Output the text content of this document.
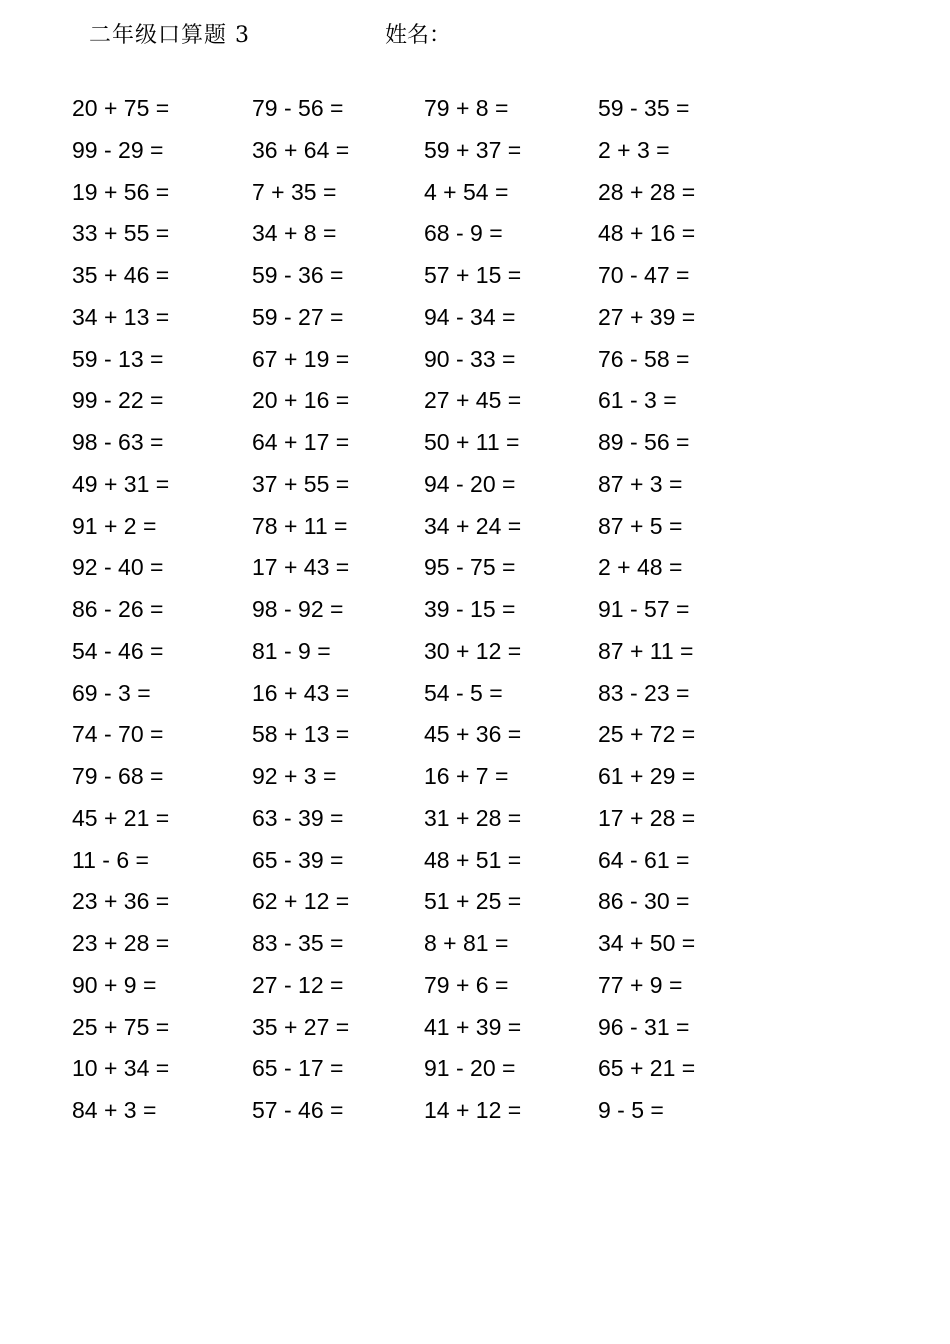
二年级口算题 3	姓名：
20 + 75 =	79 - 56 =	79 + 8 =	59 - 35 =
99 - 29 =	36 + 64 =	59 + 37 =	2 + 3 =
19 + 56 =	7 + 35 =	4 + 54 =	28 + 28 =
33 + 55 =	34 + 8 =	68 - 9 =	48 + 16 =
35 + 46 =	59 - 36 =	57 + 15 =	70 - 47 =
34 + 13 =	59 - 27 =	94 - 34 =	27 + 39 =
59 - 13 =	67 + 19 =	90 - 33 =	76 - 58 =
99 - 22 =	20 + 16 =	27 + 45 =	61 - 3 =
98 - 63 =	64 + 17 =	50 + 11 =	89 - 56 =
49 + 31 =	37 + 55 =	94 - 20 =	87 + 3 =
91 + 2 =	78 + 11 =	34 + 24 =	87 + 5 =
92 - 40 =	17 + 43 =	95 - 75 =	2 + 48 =
86 - 26 =	98 - 92 =	39 - 15 =	91 - 57 =
54 - 46 =	81 - 9 =	30 + 12 =	87 + 11 =
69 - 3 =	16 + 43 =	54 - 5 =	83 - 23 =
74 - 70 =	58 + 13 =	45 + 36 =	25 + 72 =
79 - 68 =	92 + 3 =	16 + 7 =	61 + 29 =
45 + 21 =	63 - 39 =	31 + 28 =	17 + 28 =
11 - 6 =	65 - 39 =	48 + 51 =	64 - 61 =
23 + 36 =	62 + 12 =	51 + 25 =	86 - 30 =
23 + 28 =	83 - 35 =	8 + 81 =	34 + 50 =
90 + 9 =	27 - 12 =	79 + 6 =	77 + 9 =
25 + 75 =	35 + 27 =	41 + 39 =	96 - 31 =
10 + 34 =	65 - 17 =	91 - 20 =	65 + 21 =
84 + 3 =	57 - 46 =	14 + 12 =	9 - 5 =
